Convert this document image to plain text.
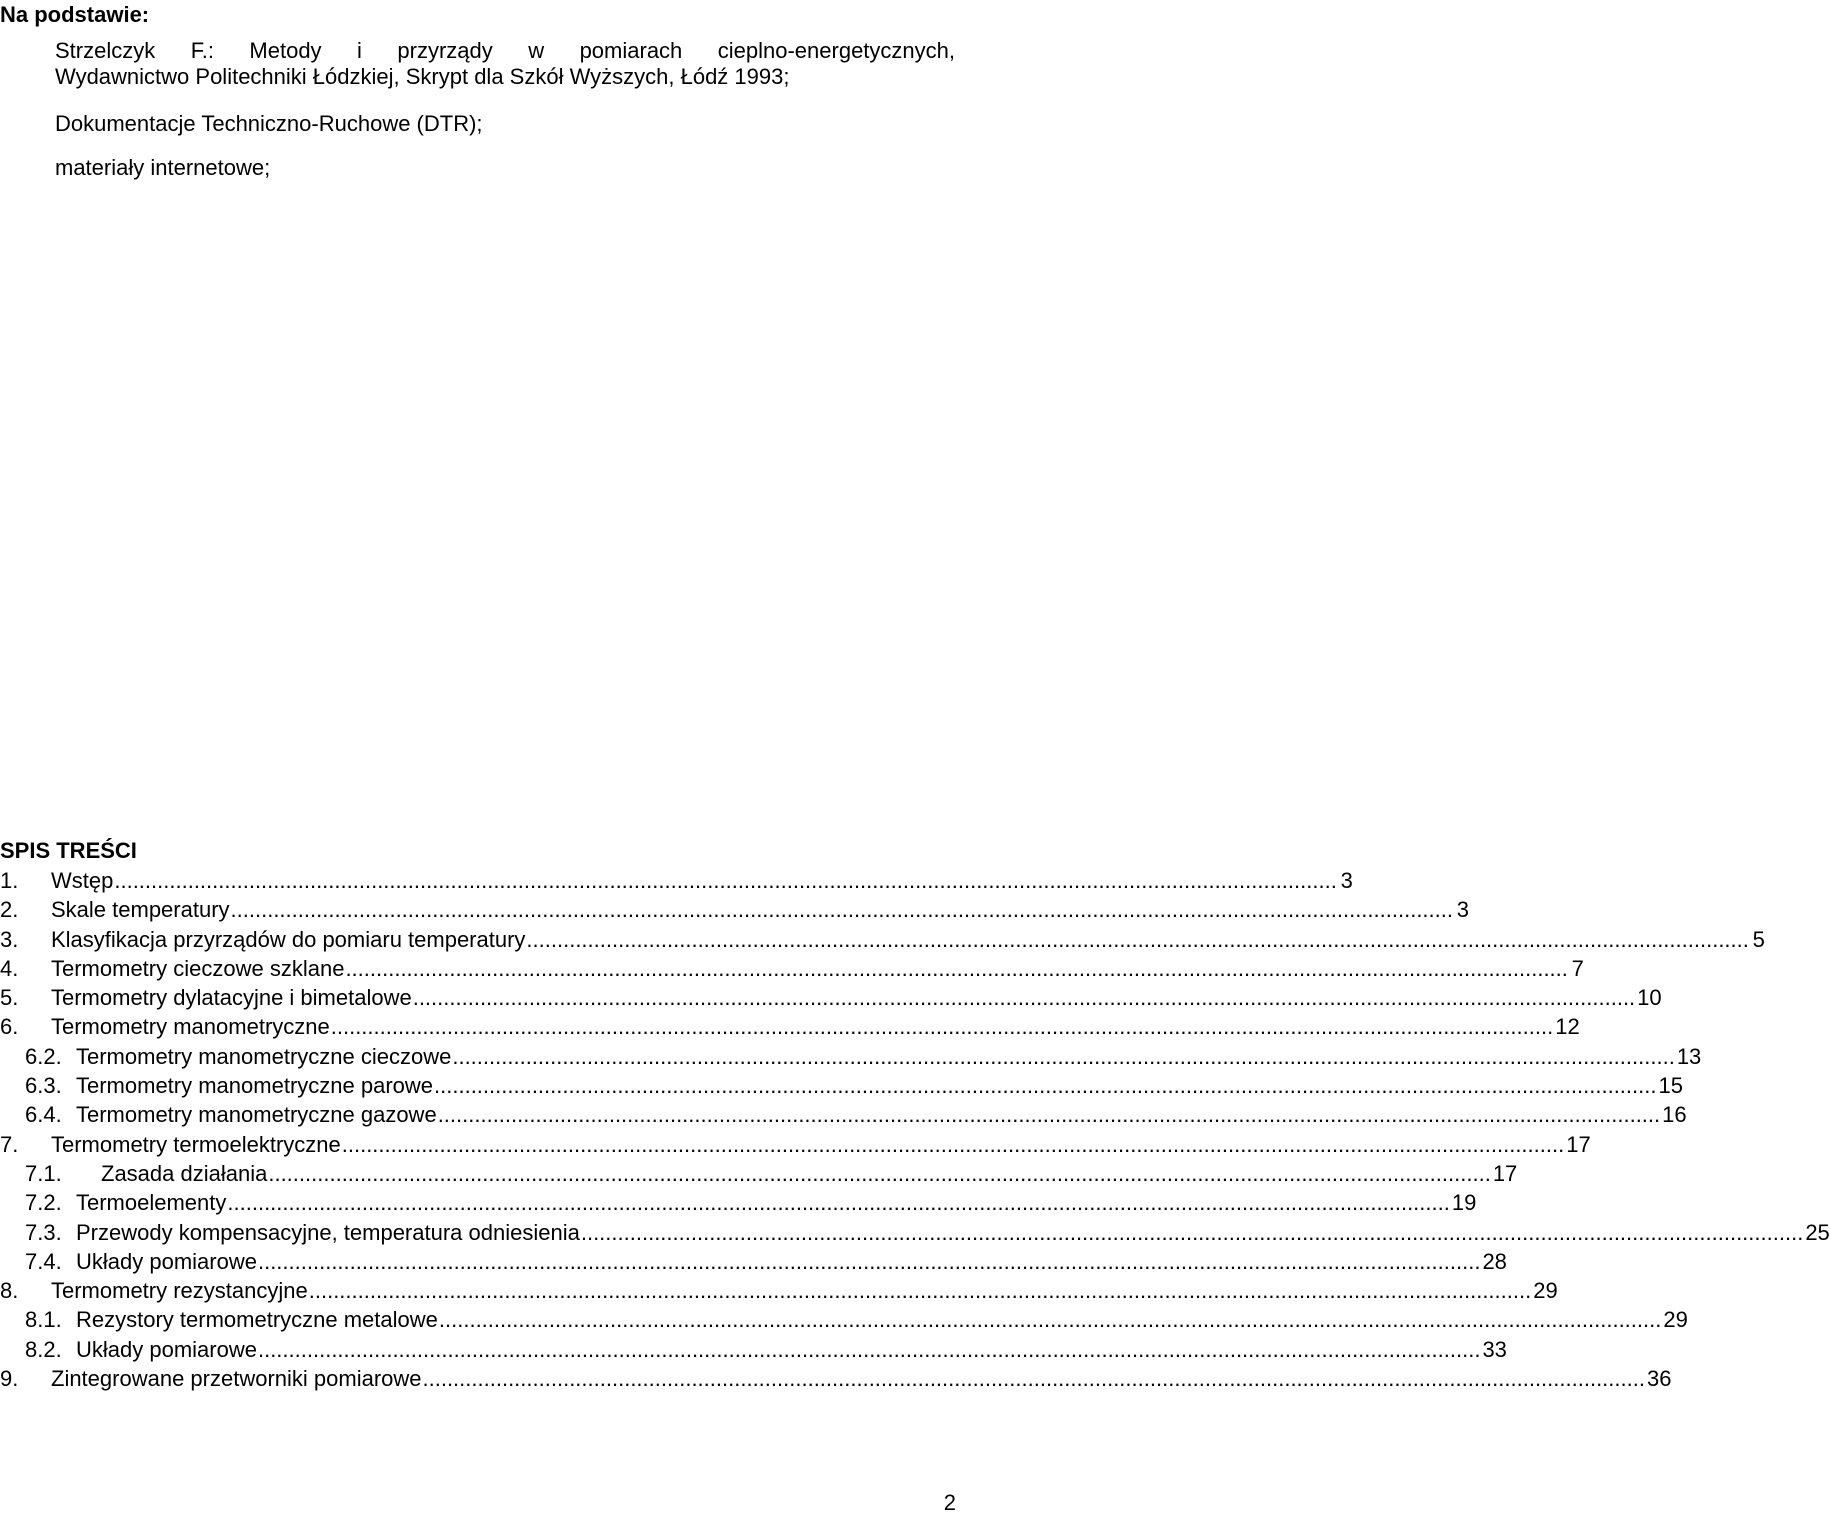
Na podstawie:
Strzelczyk F.: Metody i przyrządy w pomiarach cieplno-energetycznych,
Wydawnictwo Politechniki Łódzkiej, Skrypt dla Szkół Wyższych, Łódź 1993;
Dokumentacje Techniczno-Ruchowe (DTR);
materiały internetowe;
SPIS TREŚCI
1.	Wstęp ........................................................................................................................................................................................................ 3
2.	Skale temperatury ........................................................................................................................................................................................................ 3
3.	Klasyfikacja przyrządów do pomiaru temperatury ........................................................................................................................................................................................................ 5
4.	Termometry cieczowe szklane ........................................................................................................................................................................................................ 7
5.	Termometry dylatacyjne i bimetalowe ........................................................................................................................................................................................................ 10
6.	Termometry manometryczne ........................................................................................................................................................................................................ 12
6.2. Termometry manometryczne cieczowe ........................................................................................................................................................................................................ 13
6.3. Termometry manometryczne parowe ........................................................................................................................................................................................................ 15
6.4. Termometry manometryczne gazowe ........................................................................................................................................................................................................ 16
7.	Termometry termoelektryczne ........................................................................................................................................................................................................ 17
7.1.	Zasada działania ........................................................................................................................................................................................................ 17
7.2. Termoelementy ........................................................................................................................................................................................................ 19
7.3. Przewody kompensacyjne, temperatura odniesienia ........................................................................................................................................................................................................ 25
7.4. Układy pomiarowe ........................................................................................................................................................................................................ 28
8.	Termometry rezystancyjne ........................................................................................................................................................................................................ 29
8.1. Rezystory termometryczne metalowe ........................................................................................................................................................................................................ 29
8.2. Układy pomiarowe ........................................................................................................................................................................................................ 33
9.	Zintegrowane przetworniki pomiarowe ........................................................................................................................................................................................................ 36
2
